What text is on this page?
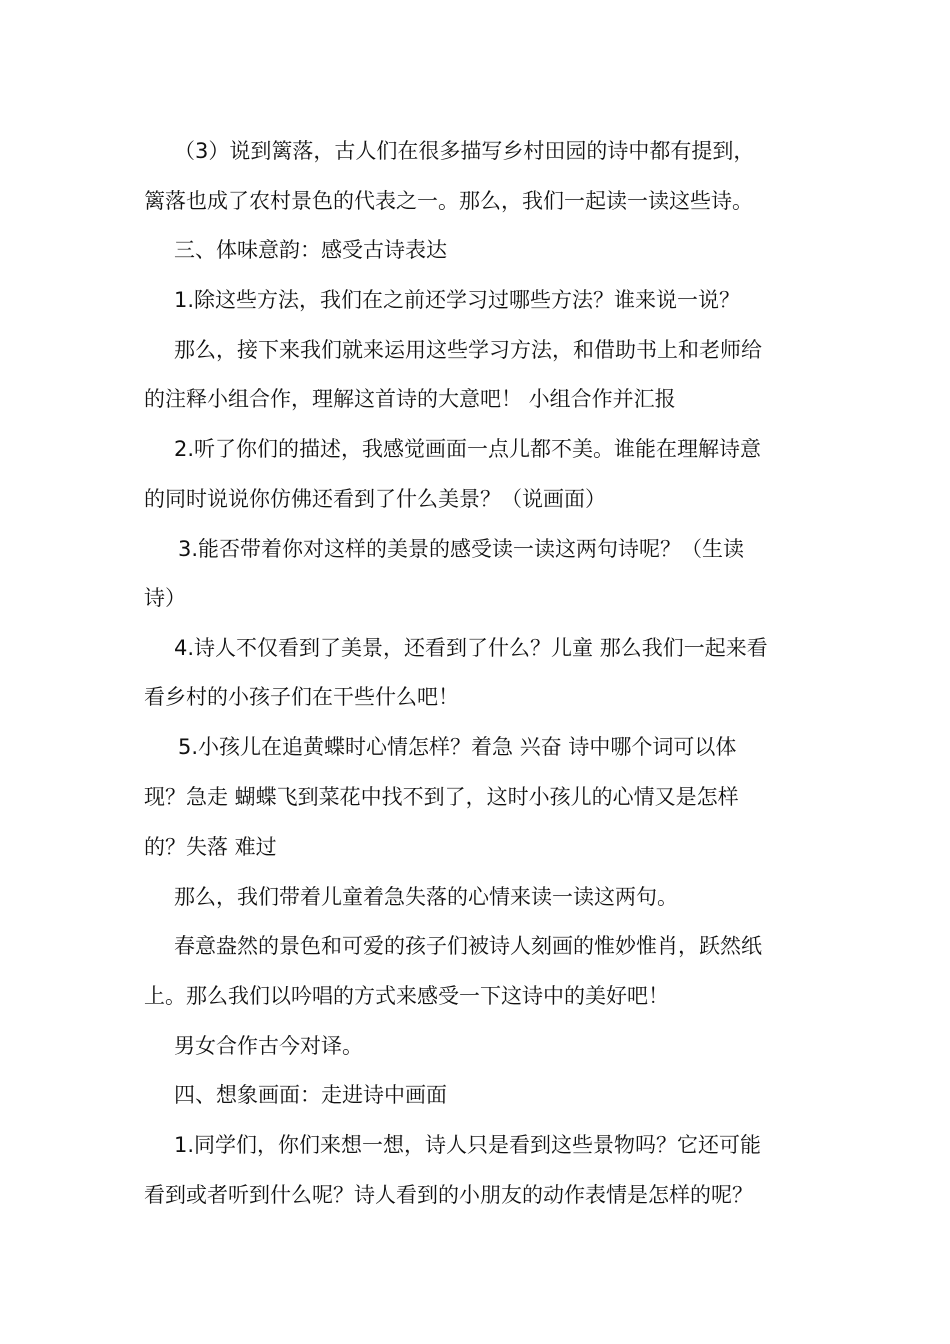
（3）说到篱落，古人们在很多描写乡村田园的诗中都有提到，
篱落也成了农村景色的代表之一。那么，我们一起读一读这些诗。
三、体味意韵：感受古诗表达
1.除这些方法，我们在之前还学习过哪些方法？谁来说一说？
那么，接下来我们就来运用这些学习方法，和借助书上和老师给
的注释小组合作，理解这首诗的大意吧！ 小组合作并汇报
2.听了你们的描述，我感觉画面一点儿都不美。谁能在理解诗意
的同时说说你仿佛还看到了什么美景？（说画面）
3.能否带着你对这样的美景的感受读一读这两句诗呢？（生读
诗）
4.诗人不仅看到了美景，还看到了什么？儿童 那么我们一起来看
看乡村的小孩子们在干些什么吧！
5.小孩儿在追黄蝶时心情怎样？着急 兴奋 诗中哪个词可以体
现？急走 蝴蝶飞到菜花中找不到了，这时小孩儿的心情又是怎样
的？失落 难过
那么，我们带着儿童着急失落的心情来读一读这两句。
春意盎然的景色和可爱的孩子们被诗人刻画的惟妙惟肖，跃然纸
上。那么我们以吟唱的方式来感受一下这诗中的美好吧！
男女合作古今对译。
四、想象画面：走进诗中画面
1.同学们，你们来想一想，诗人只是看到这些景物吗？它还可能
看到或者听到什么呢？诗人看到的小朋友的动作表情是怎样的呢？
